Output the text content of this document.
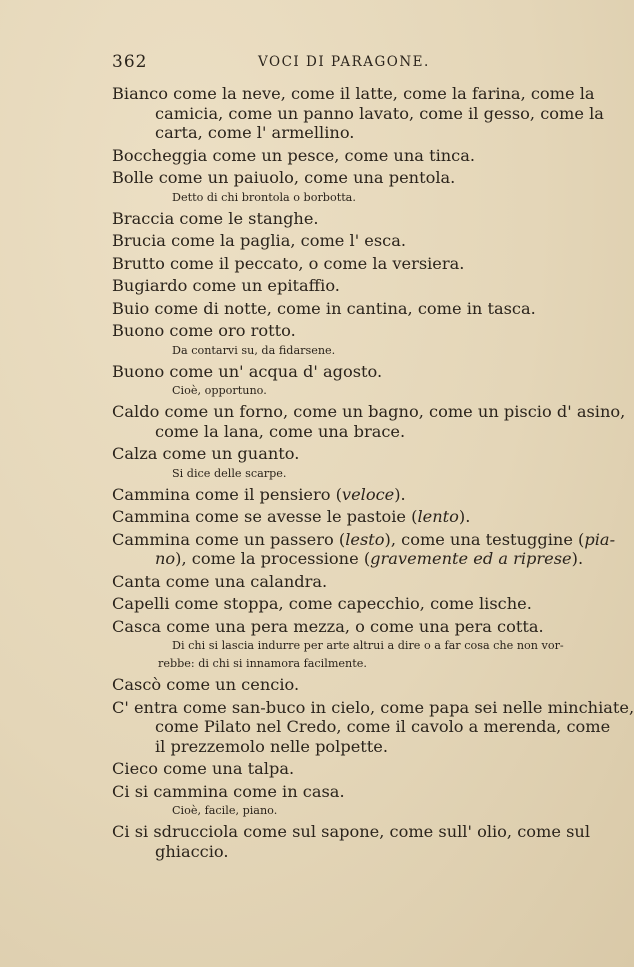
362	VOCI DI PARAGONE.
Bianco come la neve, come il latte, come la farina, come la
camicia, come un panno lavato, come il gesso, come la
carta, come l' armellino.
Boccheggia come un pesce, come una tinca.
Bolle come un paiuolo, come una pentola.
Detto di chi brontola o borbotta.
Braccia come le stanghe.
Brucia come la paglia, come l' esca.
Brutto come il peccato, o come la versiera.
Bugiardo come un epitaffio.
Buio come di notte, come in cantina, come in tasca.
Buono come oro rotto.
Da contarvi su, da fidarsene.
Buono come un' acqua d' agosto.
Cioè, opportuno.
Caldo come un forno, come un bagno, come un piscio d' asino,
come la lana, come una brace.
Calza come un guanto.
Si dice delle scarpe.
Cammina come il pensiero (veloce).
Cammina come se avesse le pastoie (lento).
Cammina come un passero (lesto), come una testuggine (pia-
no), come la processione (gravemente ed a riprese).
Canta come una calandra.
Capelli come stoppa, come capecchio, come lische.
Casca come una pera mezza, o come una pera cotta.
Di chi si lascia indurre per arte altrui a dire o a far cosa che non vor-
rebbe: di chi si innamora facilmente.
Cascò come un cencio.
C' entra come san-buco in cielo, come papa sei nelle minchiate,
come Pilato nel Credo, come il cavolo a merenda, come
il prezzemolo nelle polpette.
Cieco come una talpa.
Ci si cammina come in casa.
Cioè, facile, piano.
Ci si sdrucciola come sul sapone, come sull' olio, come sul
ghiaccio.
